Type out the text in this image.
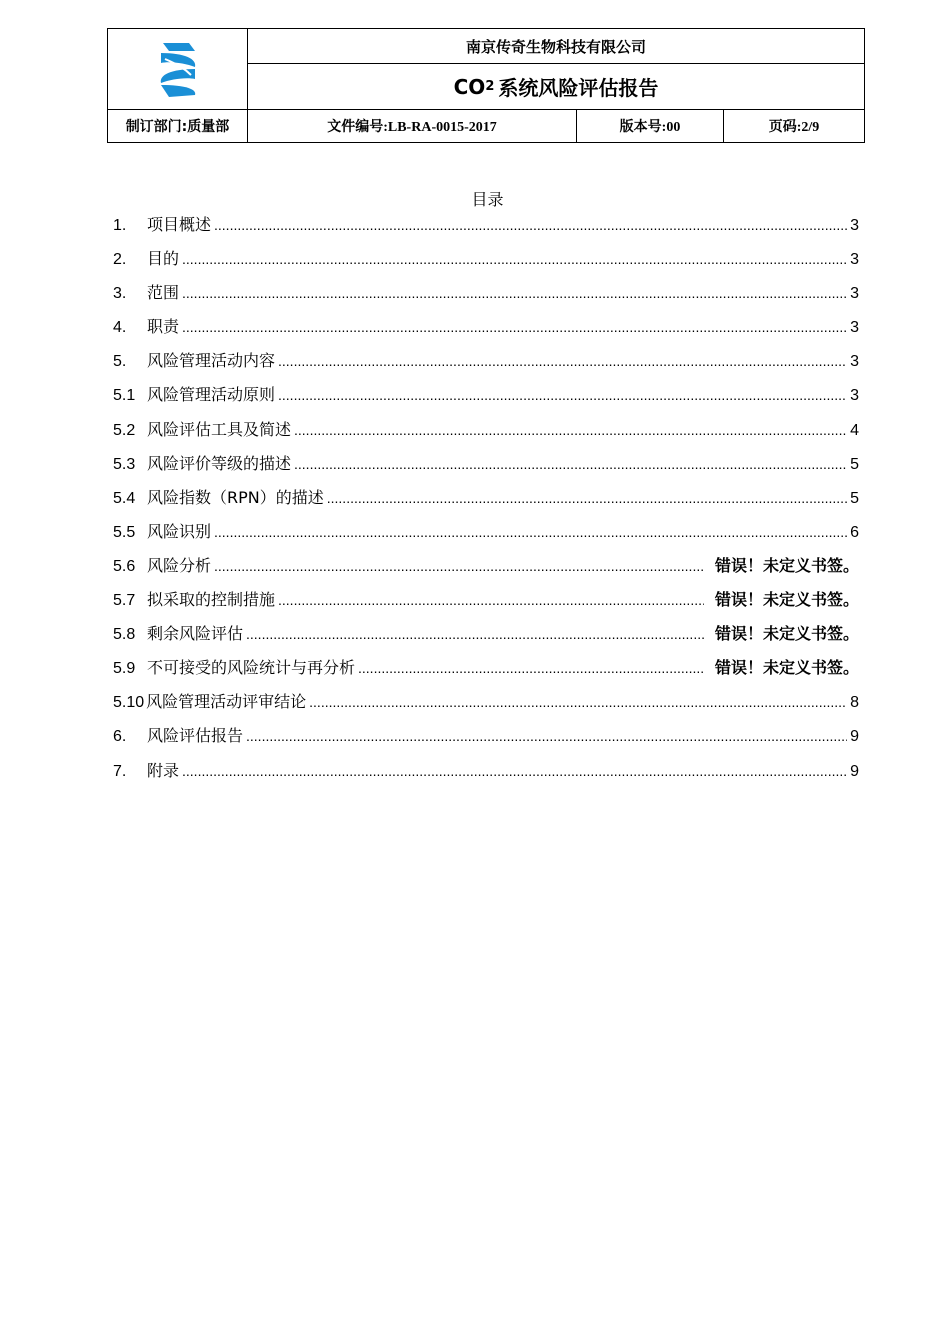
南京传奇生物科技有限公司
CO 2 系统风险评估报告
制订部门:质量部	文件编号:LB-RA-0015-2017	版本号:00	页码:2/9
目录
1.	项目概述 .....	3
2.	目的 .....	3
3.	范围 .....	3
4.	职责 .....	3
5.	风险管理活动内容 .....	3
5.1 风险管理活动原则 .....	3
5.2 风险评估工具及简述 .....	4
5.3 风险评价等级的描述 .....	5
5.4 风险指数（RPN）的描述 .....	5
5.5 风险识别 .....	6
5.6 风险分析 .....	错误！未定义书签。
5.7 拟采取的控制措施 .....	错误！未定义书签。
5.8 剩余风险评估 .....	错误！未定义书签。
5.9 不可接受的风险统计与再分析 .....	错误！未定义书签。
5.10 风险管理活动评审结论 .....	8
6.	风险评估报告 .....	9
7.	附录 .....	9
